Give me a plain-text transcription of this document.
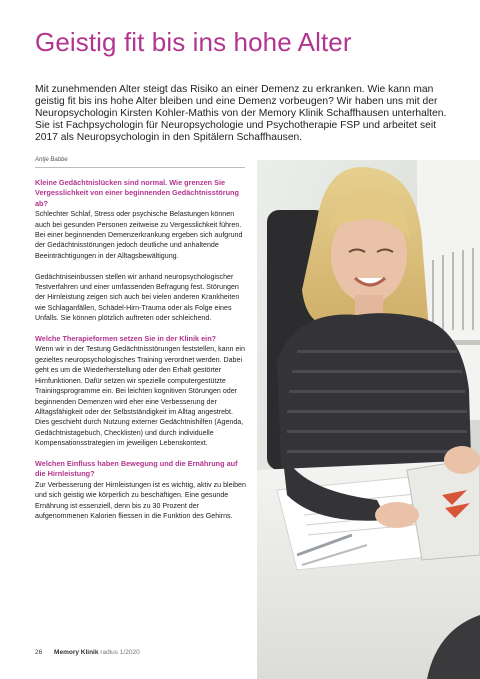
Geistig fit bis ins hohe Alter

Mit zunehmenden Alter steigt das Risiko an einer Demenz zu erkranken. Wie kann man geistig fit bis ins hohe Alter bleiben und eine Demenz vorbeugen? Wir haben uns mit der Neuropsychologin Kirsten Kohler-Mathis von der Memory Klinik Schaffhausen unterhalten. Sie ist Fachpsychologin für Neuropsychologie und Psychotherapie FSP und arbeitet seit 2017 als Neuropsychologin in den Spitälern Schaffhausen.

Antje Babbe

Kleine Gedächtnislücken sind normal. Wie grenzen Sie Vergesslichkeit von einer beginnenden Gedächtnisstörung ab?

Schlechter Schlaf, Stress oder psychische Belastungen können auch bei gesunden Personen zeitweise zu Vergesslichkeit führen. Bei einer beginnenden Demenzerkrankung ergeben sich aufgrund der Gedächtnisstörungen jedoch deutliche und anhaltende Beeinträchtigungen in der Alltagsbewältigung.

Gedächtniseinbussen stellen wir anhand neuropsychologischer Testverfahren und einer umfassenden Befragung fest. Störungen der Hirnleistung zeigen sich auch bei vielen anderen Krankheiten wie Schlaganfällen, Schädel-Hirn-Trauma oder als Folge eines Unfalls. Sie können plötzlich auftreten oder schleichend.

Welche Therapieformen setzen Sie in der Klinik ein?

Wenn wir in der Testung Gedächtnisstörungen feststellen, kann ein gezieltes neuropsychologisches Training verordnet werden. Dabei geht es um die Wiederherstellung oder den Erhalt gestörter Hirnfunktionen. Dafür setzen wir spezielle computergestützte Trainingsprogramme ein. Bei leichten kognitiven Störungen oder beginnenden Demenzen wird eher eine Verbesserung der Alltagsfähigkeit oder der Selbstständigkeit im Alltag angestrebt. Dies geschieht durch Nutzung externer Gedächtnishilfen (Agenda, Gedächtnistagebuch, Checklisten) und durch individuelle Kompensationsstrategien im jeweiligen Lebenskontext.

Welchen Einfluss haben Bewegung und die Ernährung auf die Hirnleistung?

Zur Verbesserung der Hirnleistungen ist es wichtig, aktiv zu bleiben und sich geistig wie körperlich zu beschäftigen. Eine gesunde Ernährung ist essenziell, denn bis zu 30 Prozent der aufgenommenen Kalorien fliessen in die Funktion des Gehirns.

26 Memory Klinik radius 1/2020
